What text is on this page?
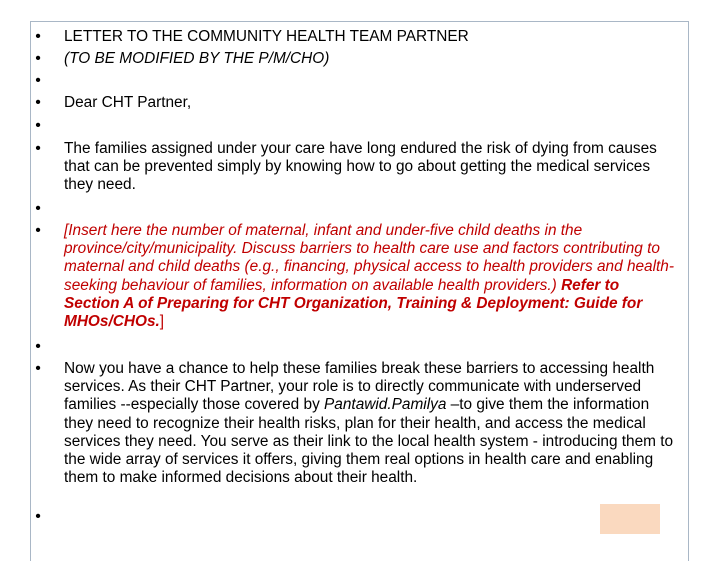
•
•
•
•
•
•
•
•
•
•
•
LETTER TO THE COMMUNITY HEALTH TEAM PARTNER
(TO BE MODIFIED BY THE P/M/CHO)
Dear CHT Partner,
The families assigned under your care have long endured the risk of dying from causes that can be prevented simply by knowing how to go about getting the medical services they need.
[Insert here the number of maternal, infant and under-five child deaths in the province/city/municipality. Discuss barriers to health care use and factors contributing to maternal and child deaths (e.g., financing, physical access to health providers and health-seeking behaviour of families, information on available health providers.) Refer to Section A of Preparing for CHT Organization, Training & Deployment: Guide for MHOs/CHOs.]
Now you have a chance to help these families break these barriers to accessing health services. As their CHT Partner, your role is to directly communicate with underserved families --especially those covered by Pantawid.Pamilya –to give them the information they need to recognize their health risks, plan for their health, and access the medical services they need. You serve as their link to the local health system - introducing them to the wide array of services it offers, giving them real options in health care and enabling them to make informed decisions about their health.
